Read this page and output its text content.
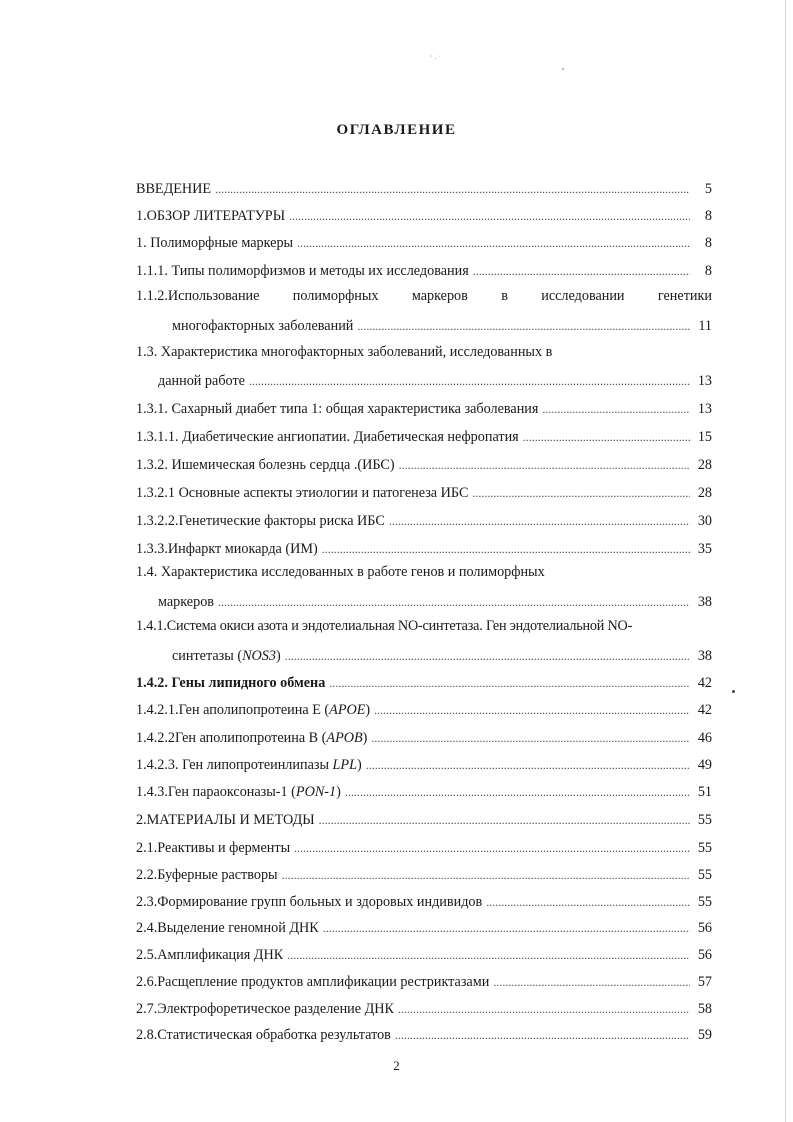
·.·
ОГЛАВЛЕНИЕ
ВВЕДЕНИЕ .....	5
1.ОБЗОР ЛИТЕРАТУРЫ .....	8
1. Полиморфные маркеры .....	8
1.1.1. Типы полиморфизмов и методы их исследования .....	8
1.1.2.Использование полиморфных маркеров в исследовании генетики
многофакторных заболеваний .....	11
1.3. Характеристика многофакторных заболеваний, исследованных в
данной работе .....	13
1.3.1. Сахарный диабет типа 1: общая характеристика заболевания .....	13
1.3.1.1. Диабетические ангиопатии. Диабетическая нефропатия .....	15
1.3.2. Ишемическая болезнь сердца .(ИБС) .....	28
1.3.2.1 Основные аспекты этиологии и патогенеза ИБС .....	28
1.3.2.2.Генетические факторы риска ИБС .....	30
1.3.3.Инфаркт миокарда (ИМ) .....	35
1.4. Характеристика исследованных в работе генов и полиморфных
маркеров .....	38
1.4.1.Система окиси азота и эндотелиальная NO-синтетаза. Ген эндотелиальной NO-
синтетазы (NOS3) .....	38
1.4.2. Гены липидного обмена .....	42
1.4.2.1.Ген аполипопротеина Е (APOE) .....	42
1.4.2.2Ген аполипопротеина В (APOB) .....	46
1.4.2.3. Ген липопротеинлипазы LPL) .....	49
1.4.3.Ген параоксоназы-1 (PON-1) .....	51
2.МАТЕРИАЛЫ И МЕТОДЫ .....	55
2.1.Реактивы и ферменты .....	55
2.2.Буферные растворы .....	55
2.3.Формирование групп больных и здоровых индивидов .....	55
2.4.Выделение геномной ДНК .....	56
2.5.Амплификация ДНК .....	56
2.6.Расщепление продуктов амплификации рестриктазами .....	57
2.7.Электрофоретическое разделение ДНК .....	58
2.8.Статистическая обработка результатов .....	59
2
